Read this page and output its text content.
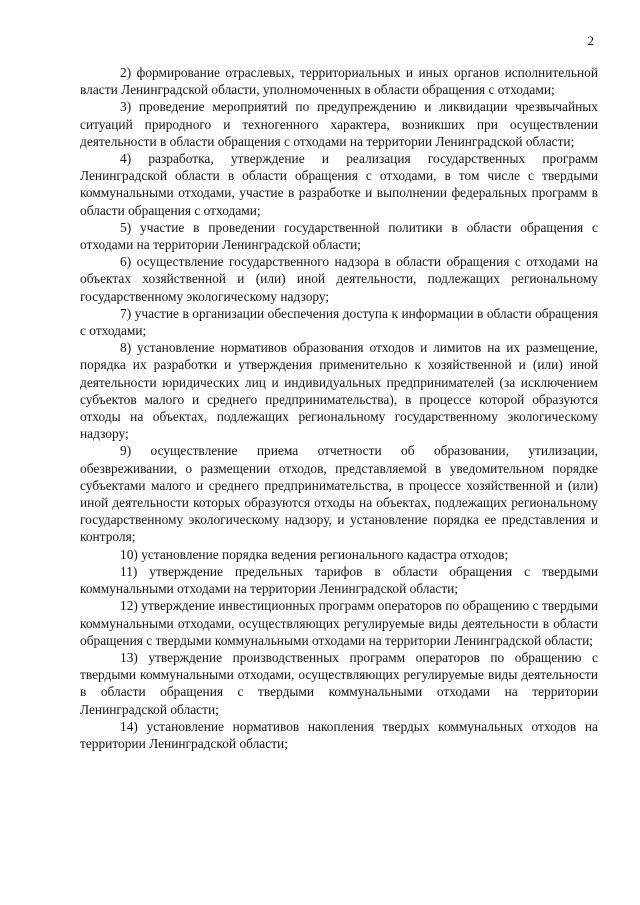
2

2) формирование отраслевых, территориальных и иных органов исполнительной власти Ленинградской области, уполномоченных в области обращения с отходами;

3) проведение мероприятий по предупреждению и ликвидации чрезвычайных ситуаций природного и техногенного характера, возникших при осуществлении деятельности в области обращения с отходами на территории Ленинградской области;

4) разработка, утверждение и реализация государственных программ Ленинградской области в области обращения с отходами, в том числе с твердыми коммунальными отходами, участие в разработке и выполнении федеральных программ в области обращения с отходами;

5) участие в проведении государственной политики в области обращения с отходами на территории Ленинградской области;

6) осуществление государственного надзора в области обращения с отходами на объектах хозяйственной и (или) иной деятельности, подлежащих региональному государственному экологическому надзору;

7) участие в организации обеспечения доступа к информации в области обращения с отходами;

8) установление нормативов образования отходов и лимитов на их размещение, порядка их разработки и утверждения применительно к хозяйственной и (или) иной деятельности юридических лиц и индивидуальных предпринимателей (за исключением субъектов малого и среднего предпринимательства), в процессе которой образуются отходы на объектах, подлежащих региональному государственному экологическому надзору;

9) осуществление приема отчетности об образовании, утилизации, обезвреживании, о размещении отходов, представляемой в уведомительном порядке субъектами малого и среднего предпринимательства, в процессе хозяйственной и (или) иной деятельности которых образуются отходы на объектах, подлежащих региональному государственному экологическому надзору, и установление порядка ее представления и контроля;

10) установление порядка ведения регионального кадастра отходов;

11) утверждение предельных тарифов в области обращения с твердыми коммунальными отходами на территории Ленинградской области;

12) утверждение инвестиционных программ операторов по обращению с твердыми коммунальными отходами, осуществляющих регулируемые виды деятельности в области обращения с твердыми коммунальными отходами на территории Ленинградской области;

13) утверждение производственных программ операторов по обращению с твердыми коммунальными отходами, осуществляющих регулируемые виды деятельности в области обращения с твердыми коммунальными отходами на территории Ленинградской области;

14) установление нормативов накопления твердых коммунальных отходов на территории Ленинградской области;
